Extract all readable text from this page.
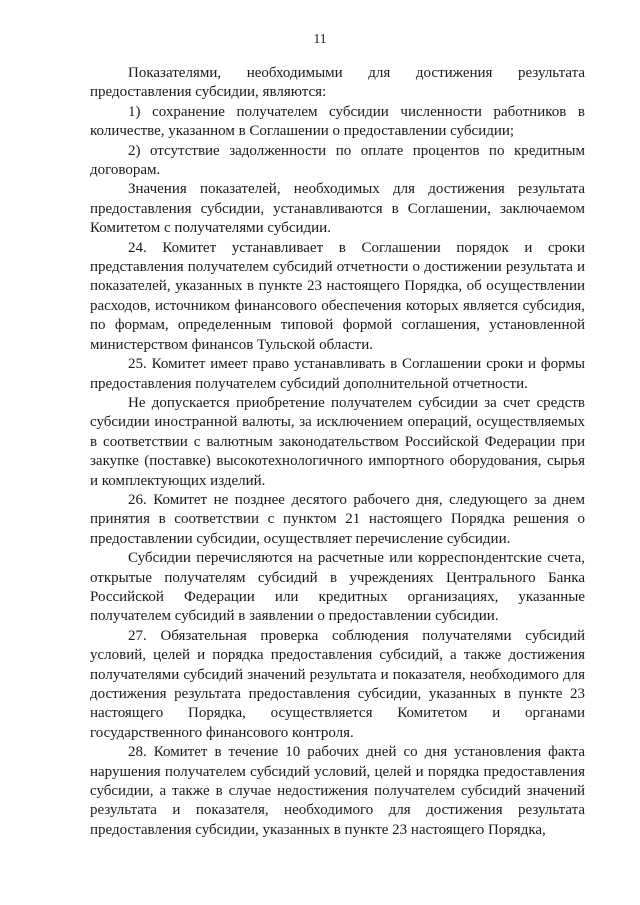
11

Показателями, необходимыми для достижения результата предоставления субсидии, являются:

1) сохранение получателем субсидии численности работников в количестве, указанном в Соглашении о предоставлении субсидии;

2) отсутствие задолженности по оплате процентов по кредитным договорам.

Значения показателей, необходимых для достижения результата предоставления субсидии, устанавливаются в Соглашении, заключаемом Комитетом с получателями субсидии.

24. Комитет устанавливает в Соглашении порядок и сроки представления получателем субсидий отчетности о достижении результата и показателей, указанных в пункте 23 настоящего Порядка, об осуществлении расходов, источником финансового обеспечения которых является субсидия, по формам, определенным типовой формой соглашения, установленной министерством финансов Тульской области.

25. Комитет имеет право устанавливать в Соглашении сроки и формы предоставления получателем субсидий дополнительной отчетности.

Не допускается приобретение получателем субсидии за счет средств субсидии иностранной валюты, за исключением операций, осуществляемых в соответствии с валютным законодательством Российской Федерации при закупке (поставке) высокотехнологичного импортного оборудования, сырья и комплектующих изделий.

26. Комитет не позднее десятого рабочего дня, следующего за днем принятия в соответствии с пунктом 21 настоящего Порядка решения о предоставлении субсидии, осуществляет перечисление субсидии.

Субсидии перечисляются на расчетные или корреспондентские счета, открытые получателям субсидий в учреждениях Центрального Банка Российской Федерации или кредитных организациях, указанные получателем субсидий в заявлении о предоставлении субсидии.

27. Обязательная проверка соблюдения получателями субсидий условий, целей и порядка предоставления субсидий, а также достижения получателями субсидий значений результата и показателя, необходимого для достижения результата предоставления субсидии, указанных в пункте 23 настоящего Порядка, осуществляется Комитетом и органами государственного финансового контроля.

28. Комитет в течение 10 рабочих дней со дня установления факта нарушения получателем субсидий условий, целей и порядка предоставления субсидии, а также в случае недостижения получателем субсидий значений результата и показателя, необходимого для достижения результата предоставления субсидии, указанных в пункте 23 настоящего Порядка,
